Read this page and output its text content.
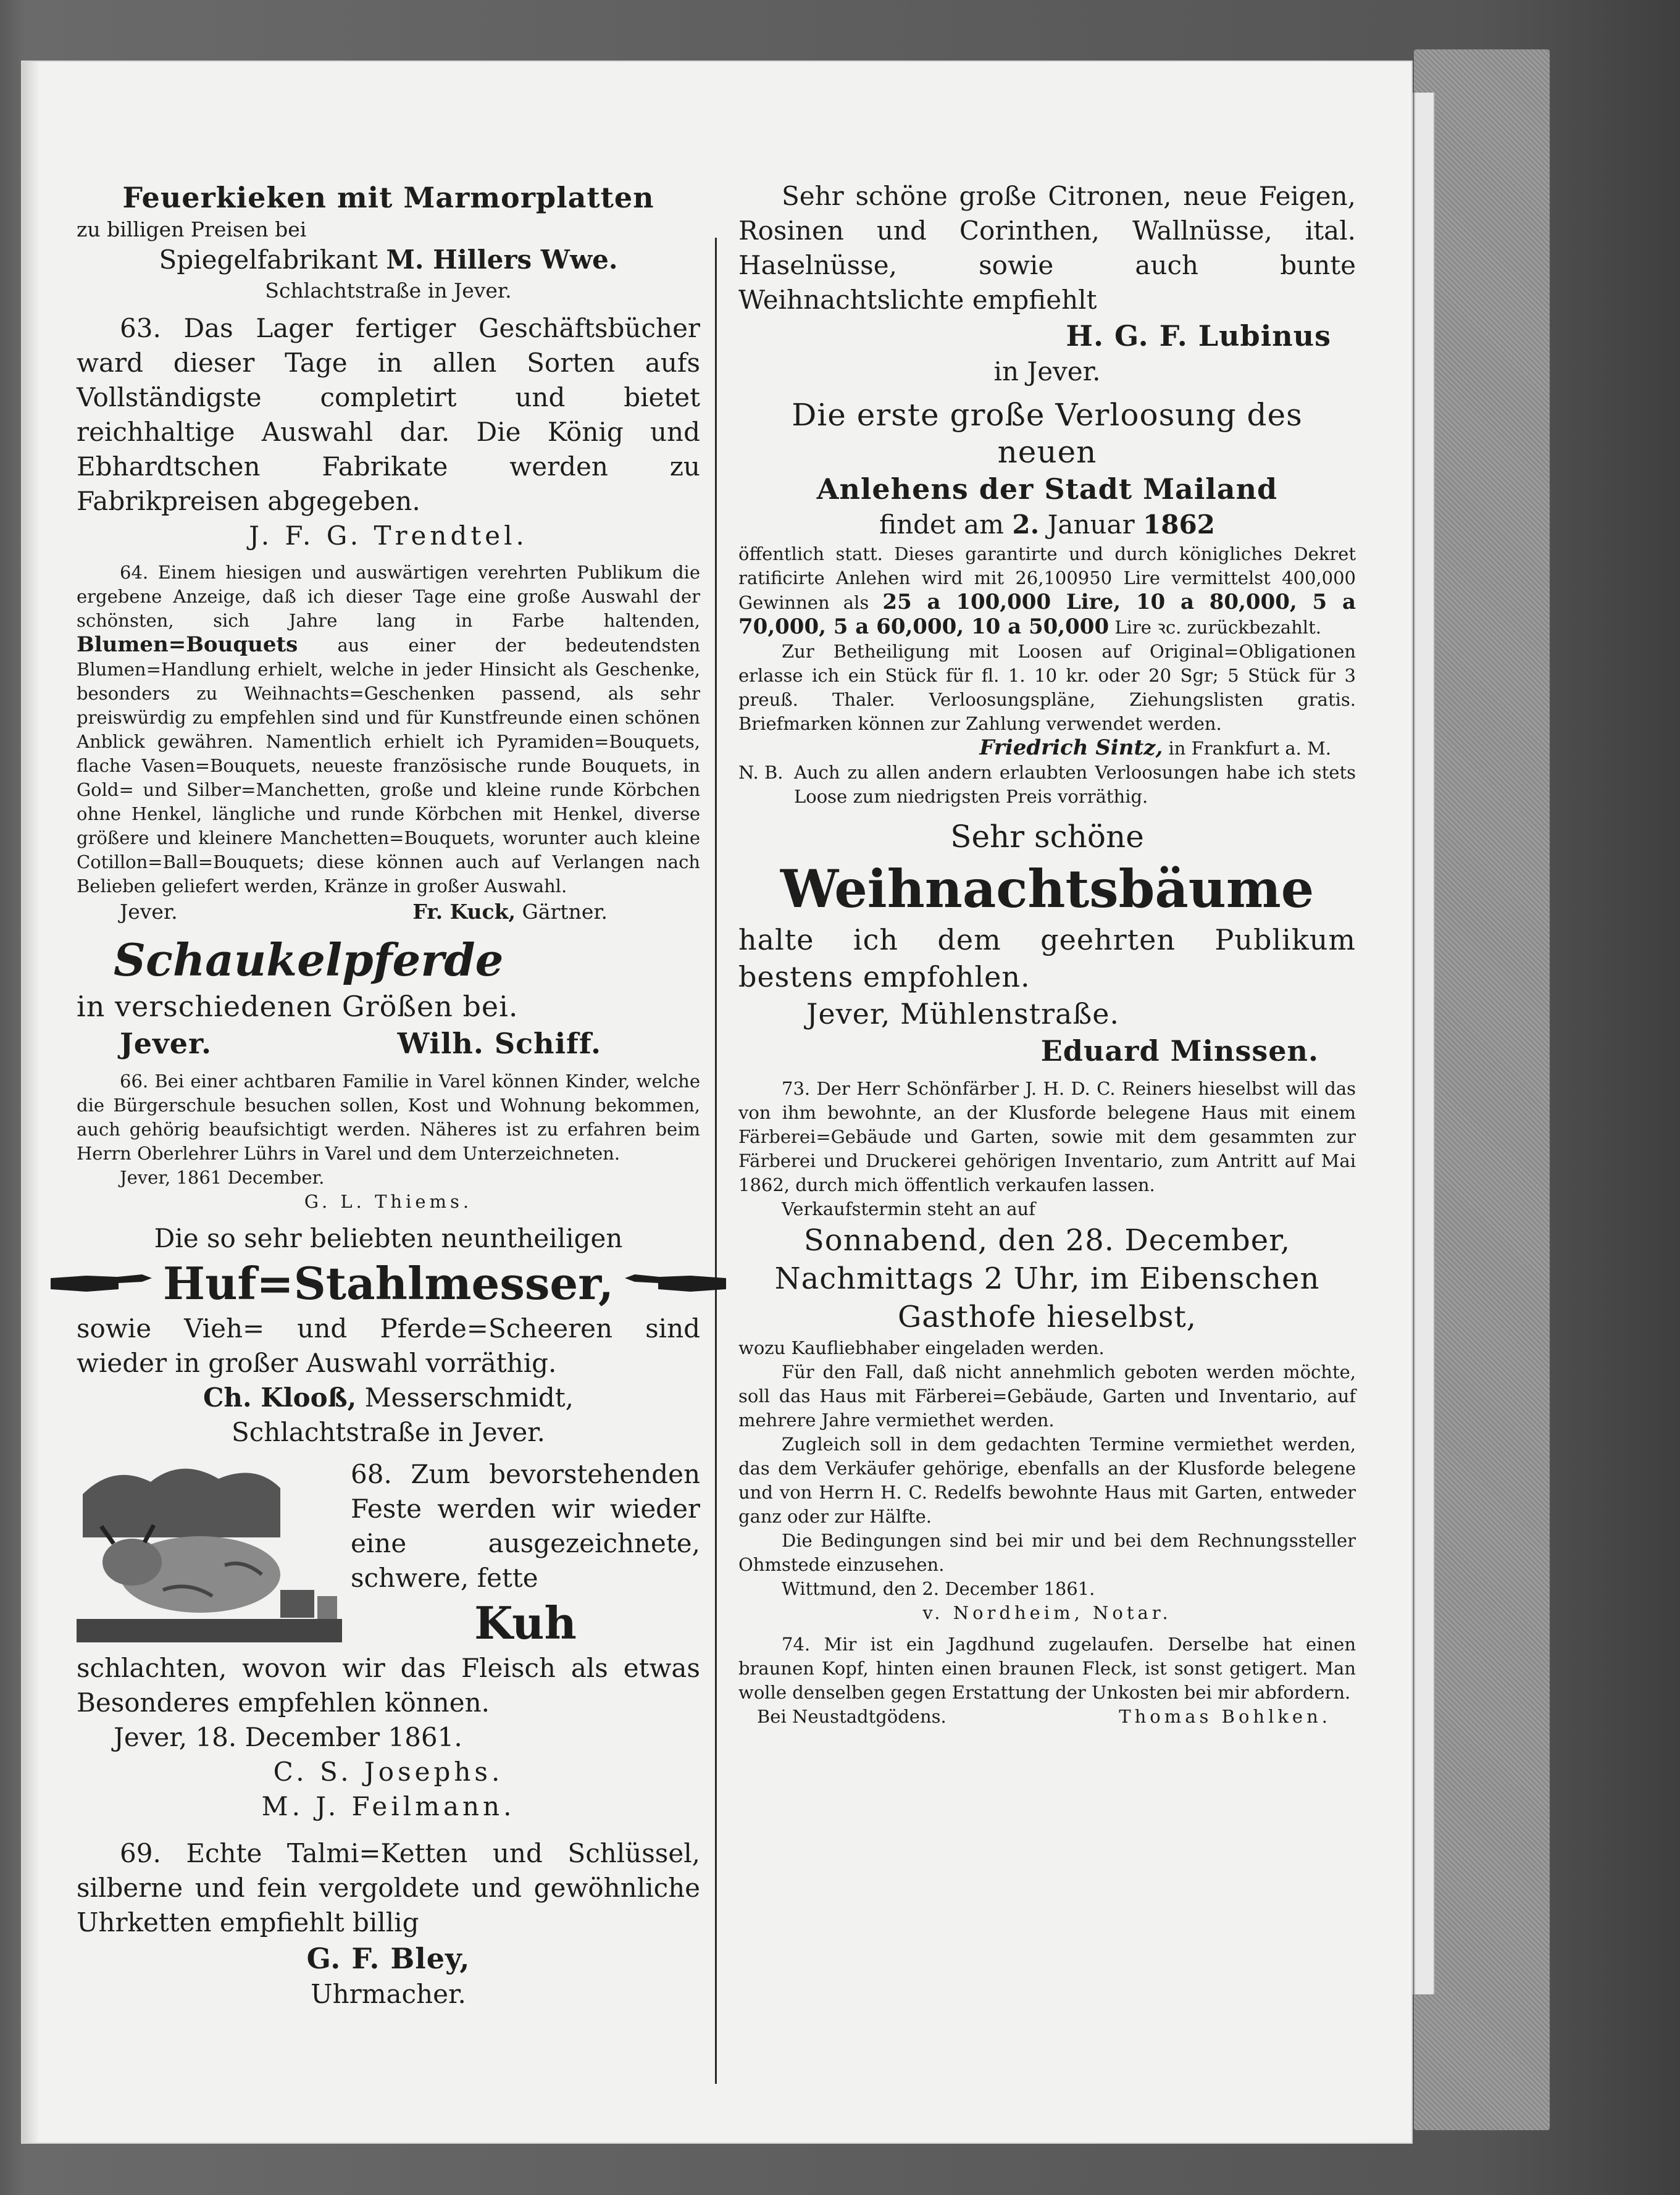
Feuerkieken mit Marmorplatten
zu billigen Preisen bei
Spiegelfabrikant M. Hillers Wwe.
Schlachtstraße in Jever.
63. Das Lager fertiger Geschäftsbücher ward dieser Tage in allen Sorten aufs Vollständigste completirt und bietet reichhaltige Auswahl dar. Die König und Ebhardtschen Fabrikate werden zu Fabrikpreisen abgegeben.
J. F. G. Trendtel.
64. Einem hiesigen und auswärtigen verehrten Publikum die ergebene Anzeige, daß ich dieser Tage eine große Auswahl der schönsten, sich Jahre lang in Farbe haltenden, Blumen=Bouquets aus einer der bedeutendsten Blumen=Handlung erhielt, welche in jeder Hinsicht als Geschenke, besonders zu Weihnachts=Geschenken passend, als sehr preiswürdig zu empfehlen sind und für Kunstfreunde einen schönen Anblick gewähren. Namentlich erhielt ich Pyramiden=Bouquets, flache Vasen=Bouquets, neueste französische runde Bouquets, in Gold= und Silber=Manchetten, große und kleine runde Körbchen ohne Henkel, längliche und runde Körbchen mit Henkel, diverse größere und kleinere Manchetten=Bouquets, worunter auch kleine Cotillon=Ball=Bouquets; diese können auch auf Verlangen nach Belieben geliefert werden, Kränze in großer Auswahl.
Jever.	Fr. Kuck, Gärtner.
Schaukelpferde
in verschiedenen Größen bei.
Jever.	Wilh. Schiff.
66. Bei einer achtbaren Familie in Varel können Kinder, welche die Bürgerschule besuchen sollen, Kost und Wohnung bekommen, auch gehörig beaufsichtigt werden. Näheres ist zu erfahren beim Herrn Oberlehrer Lührs in Varel und dem Unterzeichneten.
Jever, 1861 December.
G. L. Thiems.
Die so sehr beliebten neuntheiligen
Huf=Stahlmesser,
sowie Vieh= und Pferde=Scheeren sind wieder in großer Auswahl vorräthig.
Ch. Klooß, Messerschmidt,
Schlachtstraße in Jever.
68. Zum bevorstehenden Feste werden wir wieder eine ausgezeichnete, schwere, fette
Kuh
schlachten, wovon wir das Fleisch als etwas Besonderes empfehlen können.
Jever, 18. December 1861.
C. S. Josephs.
M. J. Feilmann.
69. Echte Talmi=Ketten und Schlüssel, silberne und fein vergoldete und gewöhnliche Uhrketten empfiehlt billig
G. F. Bley,
Uhrmacher.
Sehr schöne große Citronen, neue Feigen, Rosinen und Corinthen, Wallnüsse, ital. Haselnüsse, sowie auch bunte Weihnachtslichte empfiehlt
H. G. F. Lubinus
in Jever.
Die erste große Verloosung des neuen
Anlehens der Stadt Mailand
findet am 2. Januar 1862
öffentlich statt. Dieses garantirte und durch königliches Dekret ratificirte Anlehen wird mit 26,100950 Lire vermittelst 400,000 Gewinnen als 25 a 100,000 Lire, 10 a 80,000, 5 a 70,000, 5 a 60,000, 10 a 50,000 Lire ꝛc. zurückbezahlt.
Zur Betheiligung mit Loosen auf Original=Obligationen erlasse ich ein Stück für fl. 1. 10 kr. oder 20 Sgr; 5 Stück für 3 preuß. Thaler. Verloosungspläne, Ziehungslisten gratis. Briefmarken können zur Zahlung verwendet werden.
Friedrich Sintz, in Frankfurt a. M.
N. B. Auch zu allen andern erlaubten Verloosungen habe ich stets Loose zum niedrigsten Preis vorräthig.
Sehr schöne
Weihnachtsbäume
halte ich dem geehrten Publikum bestens empfohlen.
Jever, Mühlenstraße.
Eduard Minssen.
73. Der Herr Schönfärber J. H. D. C. Reiners hieselbst will das von ihm bewohnte, an der Klusforde belegene Haus mit einem Färberei=Gebäude und Garten, sowie mit dem gesammten zur Färberei und Druckerei gehörigen Inventario, zum Antritt auf Mai 1862, durch mich öffentlich verkaufen lassen.
Verkaufstermin steht an auf
Sonnabend, den 28. December, Nachmittags 2 Uhr, im Eibenschen Gasthofe hieselbst,
wozu Kaufliebhaber eingeladen werden.
Für den Fall, daß nicht annehmlich geboten werden möchte, soll das Haus mit Färberei=Gebäude, Garten und Inventario, auf mehrere Jahre vermiethet werden.
Zugleich soll in dem gedachten Termine vermiethet werden, das dem Verkäufer gehörige, ebenfalls an der Klusforde belegene und von Herrn H. C. Redelfs bewohnte Haus mit Garten, entweder ganz oder zur Hälfte.
Die Bedingungen sind bei mir und bei dem Rechnungssteller Ohmstede einzusehen.
Wittmund, den 2. December 1861.
v. Nordheim, Notar.
74. Mir ist ein Jagdhund zugelaufen. Derselbe hat einen braunen Kopf, hinten einen braunen Fleck, ist sonst getigert. Man wolle denselben gegen Erstattung der Unkosten bei mir abfordern.
Bei Neustadtgödens.	Thomas Bohlken.
